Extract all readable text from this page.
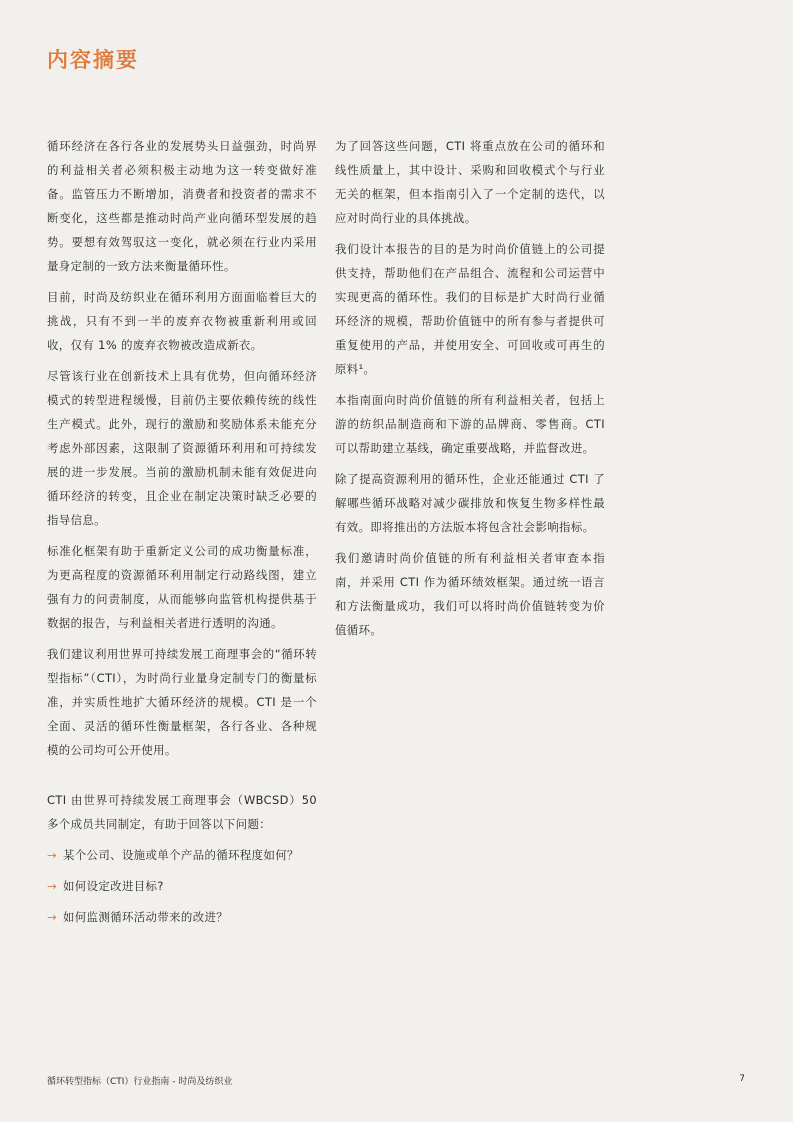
内容摘要

循环经济在各行各业的发展势头日益强劲，时尚界的利益相关者必须积极主动地为这一转变做好准备。监管压力不断增加，消费者和投资者的需求不断变化，这些都是推动时尚产业向循环型发展的趋势。要想有效驾驭这一变化，就必须在行业内采用量身定制的一致方法来衡量循环性。

目前，时尚及纺织业在循环利用方面面临着巨大的挑战，只有不到一半的废弃衣物被重新利用或回收，仅有 1% 的废弃衣物被改造成新衣。

尽管该行业在创新技术上具有优势，但向循环经济模式的转型进程缓慢，目前仍主要依赖传统的线性生产模式。此外，现行的激励和奖励体系未能充分考虑外部因素，这限制了资源循环利用和可持续发展的进一步发展。当前的激励机制未能有效促进向循环经济的转变，且企业在制定决策时缺乏必要的指导信息。

标准化框架有助于重新定义公司的成功衡量标准，为更高程度的资源循环利用制定行动路线图，建立强有力的问责制度，从而能够向监管机构提供基于数据的报告，与利益相关者进行透明的沟通。

我们建议利用世界可持续发展工商理事会的“循环转型指标”（CTI），为时尚行业量身定制专门的衡量标准，并实质性地扩大循环经济的规模。CTI 是一个全面、灵活的循环性衡量框架，各行各业、各种规模的公司均可公开使用。

CTI 由世界可持续发展工商理事会（WBCSD）50 多个成员共同制定，有助于回答以下问题：

→ 某个公司、设施或单个产品的循环程度如何？
→ 如何设定改进目标?
→ 如何监测循环活动带来的改进？

为了回答这些问题，CTI 将重点放在公司的循环和线性质量上，其中设计、采购和回收模式个与行业无关的框架，但本指南引入了一个定制的迭代，以应对时尚行业的具体挑战。

我们设计本报告的目的是为时尚价值链上的公司提供支持，帮助他们在产品组合、流程和公司运营中实现更高的循环性。我们的目标是扩大时尚行业循环经济的规模，帮助价值链中的所有参与者提供可重复使用的产品，并使用安全、可回收或可再生的原料¹。

本指南面向时尚价值链的所有利益相关者，包括上游的纺织品制造商和下游的品牌商、零售商。CTI 可以帮助建立基线，确定重要战略，并监督改进。

除了提高资源利用的循环性，企业还能通过 CTI 了解哪些循环战略对减少碳排放和恢复生物多样性最有效。即将推出的方法版本将包含社会影响指标。

我们邀请时尚价值链的所有利益相关者审查本指南，并采用 CTI 作为循环绩效框架。通过统一语言和方法衡量成功，我们可以将时尚价值链转变为价值循环。

循环转型指标（CTI）行业指南 - 时尚及纺织业	7
